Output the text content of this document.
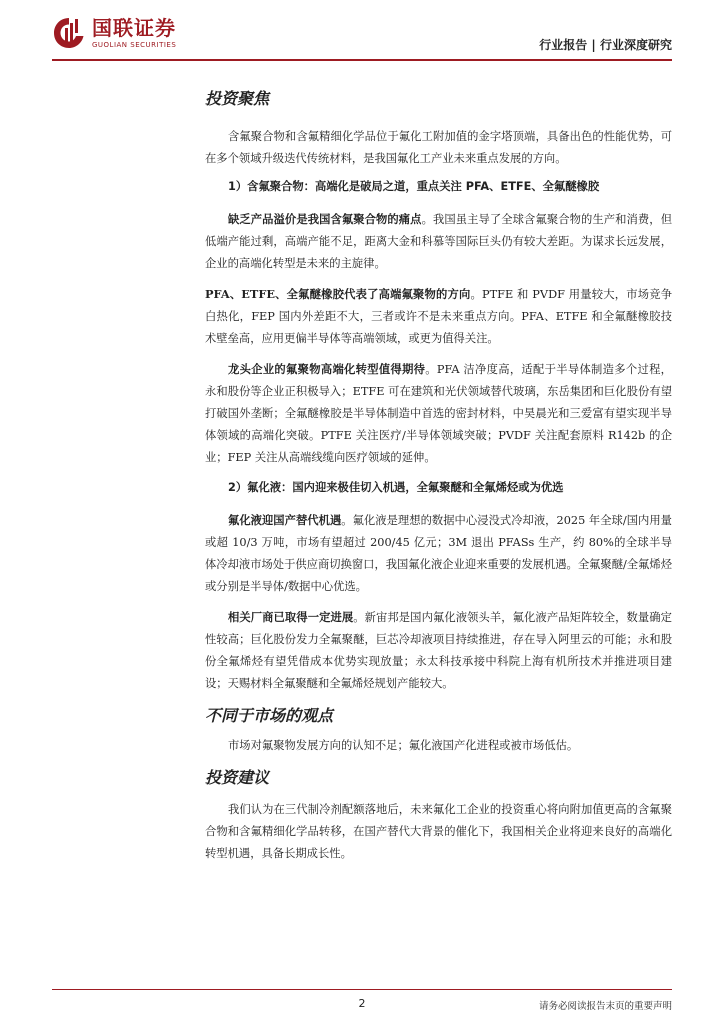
国联证券
GUOLIAN SECURITIES	行业报告 | 行业深度研究
投资聚焦

含氟聚合物和含氟精细化学品位于氟化工附加值的金字塔顶端，具备出色的性能优势，可在多个领域升级迭代传统材料，是我国氟化工产业未来重点发展的方向。

1）含氟聚合物：高端化是破局之道，重点关注 PFA、ETFE、全氟醚橡胶

缺乏产品溢价是我国含氟聚合物的痛点。我国虽主导了全球含氟聚合物的生产和消费，但低端产能过剩，高端产能不足，距离大金和科慕等国际巨头仍有较大差距。为谋求长远发展，企业的高端化转型是未来的主旋律。

PFA、ETFE、全氟醚橡胶代表了高端氟聚物的方向。PTFE 和 PVDF 用量较大，市场竞争白热化，FEP 国内外差距不大，三者或许不是未来重点方向。PFA、ETFE 和全氟醚橡胶技术壁垒高，应用更偏半导体等高端领域，或更为值得关注。

龙头企业的氟聚物高端化转型值得期待。PFA 洁净度高，适配于半导体制造多个过程，永和股份等企业正积极导入；ETFE 可在建筑和光伏领域替代玻璃，东岳集团和巨化股份有望打破国外垄断；全氟醚橡胶是半导体制造中首选的密封材料，中昊晨光和三爱富有望实现半导体领域的高端化突破。PTFE 关注医疗/半导体领域突破；PVDF 关注配套原料 R142b 的企业；FEP 关注从高端线缆向医疗领域的延伸。

2）氟化液：国内迎来极佳切入机遇，全氟聚醚和全氟烯烃或为优选

氟化液迎国产替代机遇。氟化液是理想的数据中心浸没式冷却液，2025 年全球/国内用量或超 10/3 万吨，市场有望超过 200/45 亿元；3M 退出 PFASs 生产，约 80%的全球半导体冷却液市场处于供应商切换窗口，我国氟化液企业迎来重要的发展机遇。全氟聚醚/全氟烯烃或分别是半导体/数据中心优选。

相关厂商已取得一定进展。新宙邦是国内氟化液领头羊，氟化液产品矩阵较全，数量确定性较高；巨化股份发力全氟聚醚，巨芯冷却液项目持续推进，存在导入阿里云的可能；永和股份全氟烯烃有望凭借成本优势实现放量；永太科技承接中科院上海有机所技术并推进项目建设；天赐材料全氟聚醚和全氟烯烃规划产能较大。

不同于市场的观点

市场对氟聚物发展方向的认知不足；氟化液国产化进程或被市场低估。

投资建议

我们认为在三代制冷剂配额落地后，未来氟化工企业的投资重心将向附加值更高的含氟聚合物和含氟精细化学品转移，在国产替代大背景的催化下，我国相关企业将迎来良好的高端化转型机遇，具备长期成长性。

2	请务必阅读报告末页的重要声明
